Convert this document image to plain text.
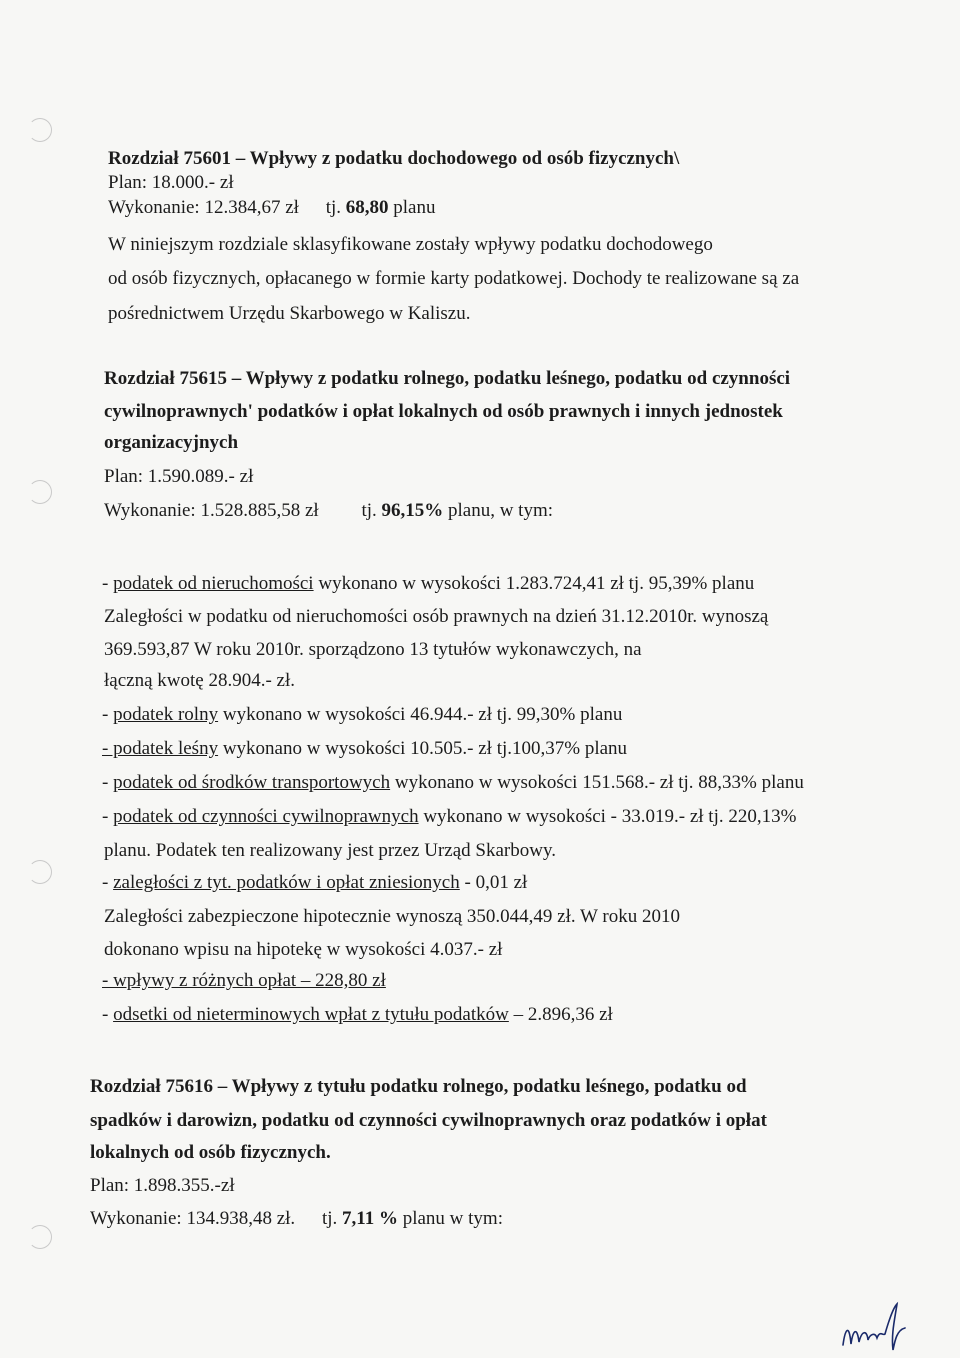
Rozdział 75601 – Wpływy z podatku dochodowego od osób fizycznych\
Plan: 18.000.- zł
Wykonanie: 12.384,67 zł tj. 68,80 planu
W niniejszym rozdziale sklasyfikowane zostały wpływy podatku dochodowego
od osób fizycznych, opłacanego w formie karty podatkowej. Dochody te realizowane są za
pośrednictwem Urzędu Skarbowego w Kaliszu.
Rozdział 75615 – Wpływy z podatku rolnego, podatku leśnego, podatku od czynności
cywilnoprawnych' podatków i opłat lokalnych od osób prawnych i innych jednostek
organizacyjnych
Plan: 1.590.089.- zł
Wykonanie: 1.528.885,58 zł tj. 96,15% planu, w tym:
- podatek od nieruchomości wykonano w wysokości 1.283.724,41 zł tj. 95,39% planu
Zaległości w podatku od nieruchomości osób prawnych na dzień 31.12.2010r. wynoszą
369.593,87 W roku 2010r. sporządzono 13 tytułów wykonawczych, na
łączną kwotę 28.904.- zł.
- podatek rolny wykonano w wysokości 46.944.- zł tj. 99,30% planu
- podatek leśny wykonano w wysokości 10.505.- zł tj.100,37% planu
- podatek od środków transportowych wykonano w wysokości 151.568.- zł tj. 88,33% planu
- podatek od czynności cywilnoprawnych wykonano w wysokości - 33.019.- zł tj. 220,13%
planu. Podatek ten realizowany jest przez Urząd Skarbowy.
- zaległości z tyt. podatków i opłat zniesionych - 0,01 zł
Zaległości zabezpieczone hipotecznie wynoszą 350.044,49 zł. W roku 2010
dokonano wpisu na hipotekę w wysokości 4.037.- zł
- wpływy z różnych opłat – 228,80 zł
- odsetki od nieterminowych wpłat z tytułu podatków – 2.896,36 zł
Rozdział 75616 – Wpływy z tytułu podatku rolnego, podatku leśnego, podatku od
spadków i darowizn, podatku od czynności cywilnoprawnych oraz podatków i opłat
lokalnych od osób fizycznych.
Plan: 1.898.355.-zł
Wykonanie: 134.938,48 zł. tj. 7,11 % planu w tym:
